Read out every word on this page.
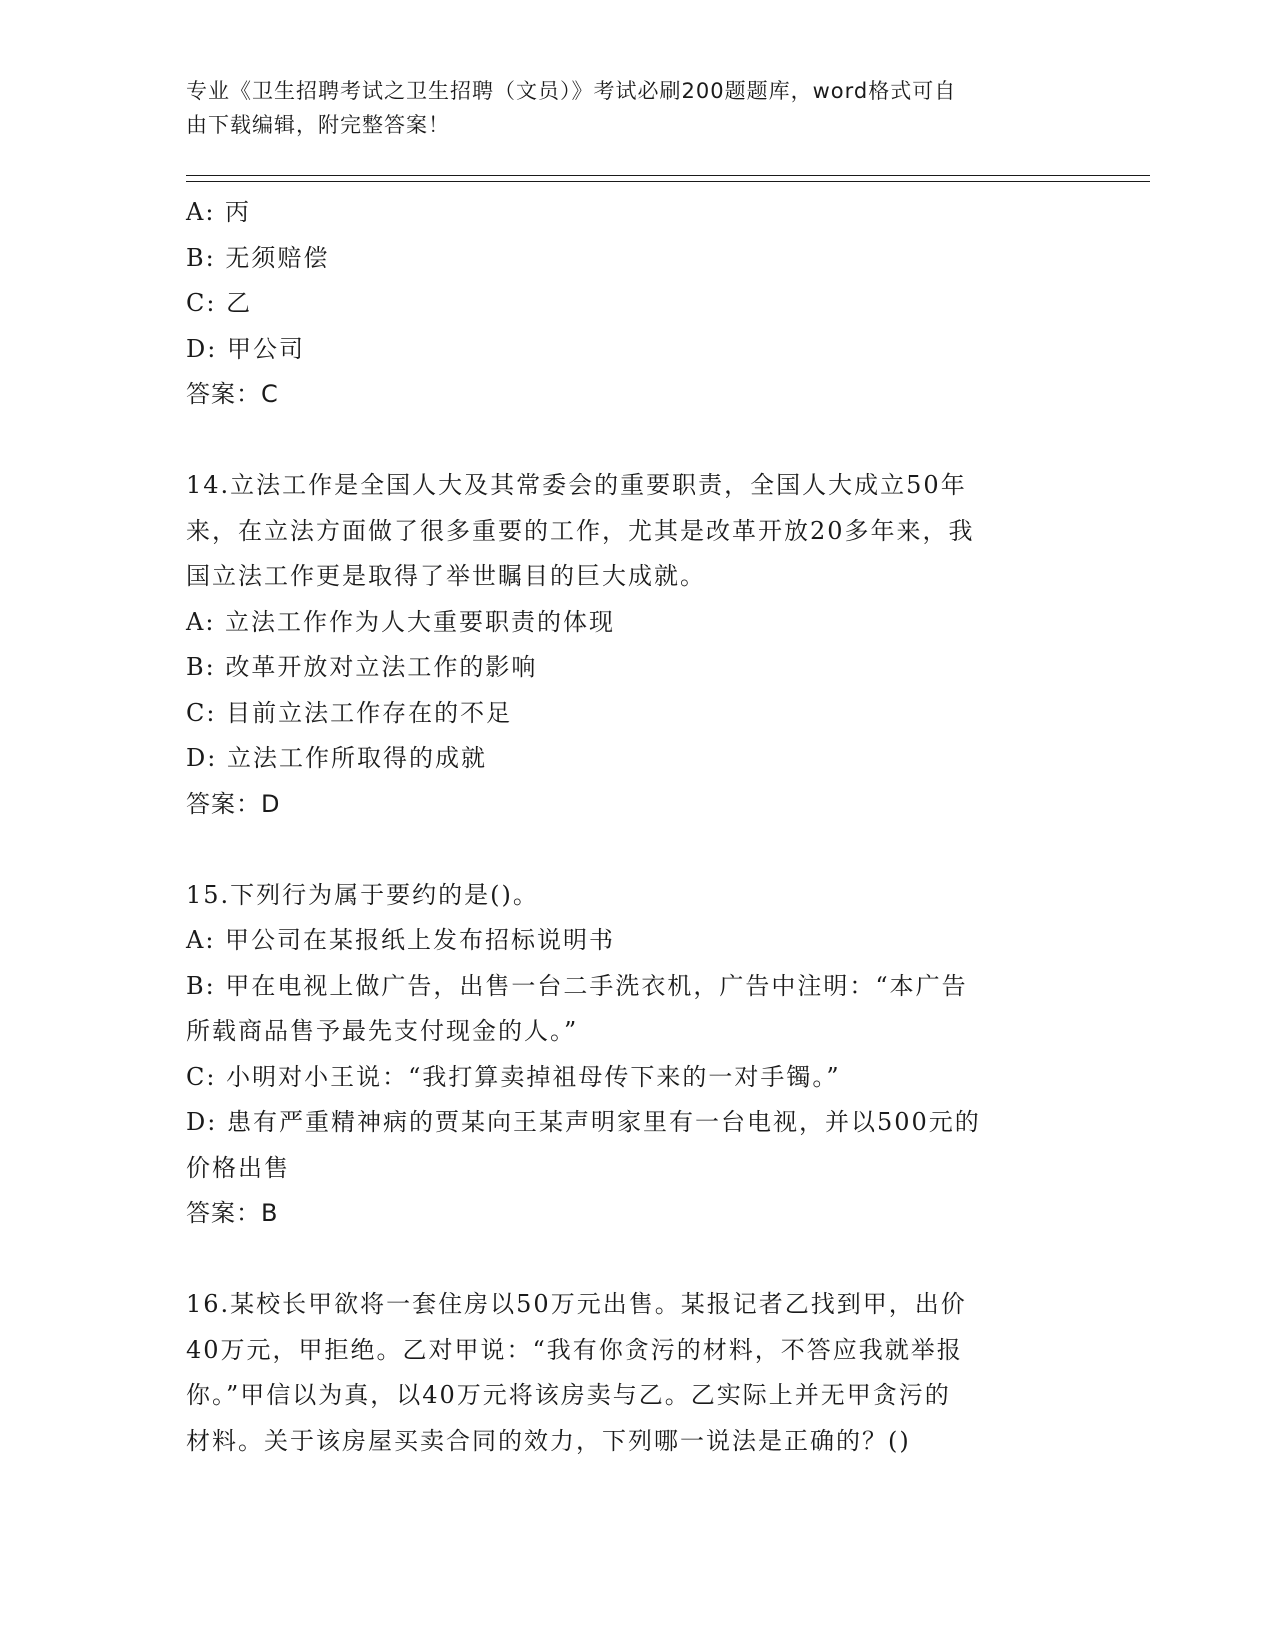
专业《卫生招聘考试之卫生招聘（文员）》考试必刷200题题库，word格式可自
由下载编辑，附完整答案！
A: 丙
B: 无须赔偿
C: 乙
D: 甲公司
答案：C
14.立法工作是全国人大及其常委会的重要职责，全国人大成立50年
来，在立法方面做了很多重要的工作，尤其是改革开放20多年来，我
国立法工作更是取得了举世瞩目的巨大成就。
A: 立法工作作为人大重要职责的体现
B: 改革开放对立法工作的影响
C: 目前立法工作存在的不足
D: 立法工作所取得的成就
答案：D
15.下列行为属于要约的是()。
A: 甲公司在某报纸上发布招标说明书
B: 甲在电视上做广告，出售一台二手洗衣机，广告中注明：“本广告
所载商品售予最先支付现金的人。”
C: 小明对小王说：“我打算卖掉祖母传下来的一对手镯。”
D: 患有严重精神病的贾某向王某声明家里有一台电视，并以500元的
价格出售
答案：B
16.某校长甲欲将一套住房以50万元出售。某报记者乙找到甲，出价
40万元，甲拒绝。乙对甲说：“我有你贪污的材料，不答应我就举报
你。”甲信以为真，以40万元将该房卖与乙。乙实际上并无甲贪污的
材料。关于该房屋买卖合同的效力，下列哪一说法是正确的？()
